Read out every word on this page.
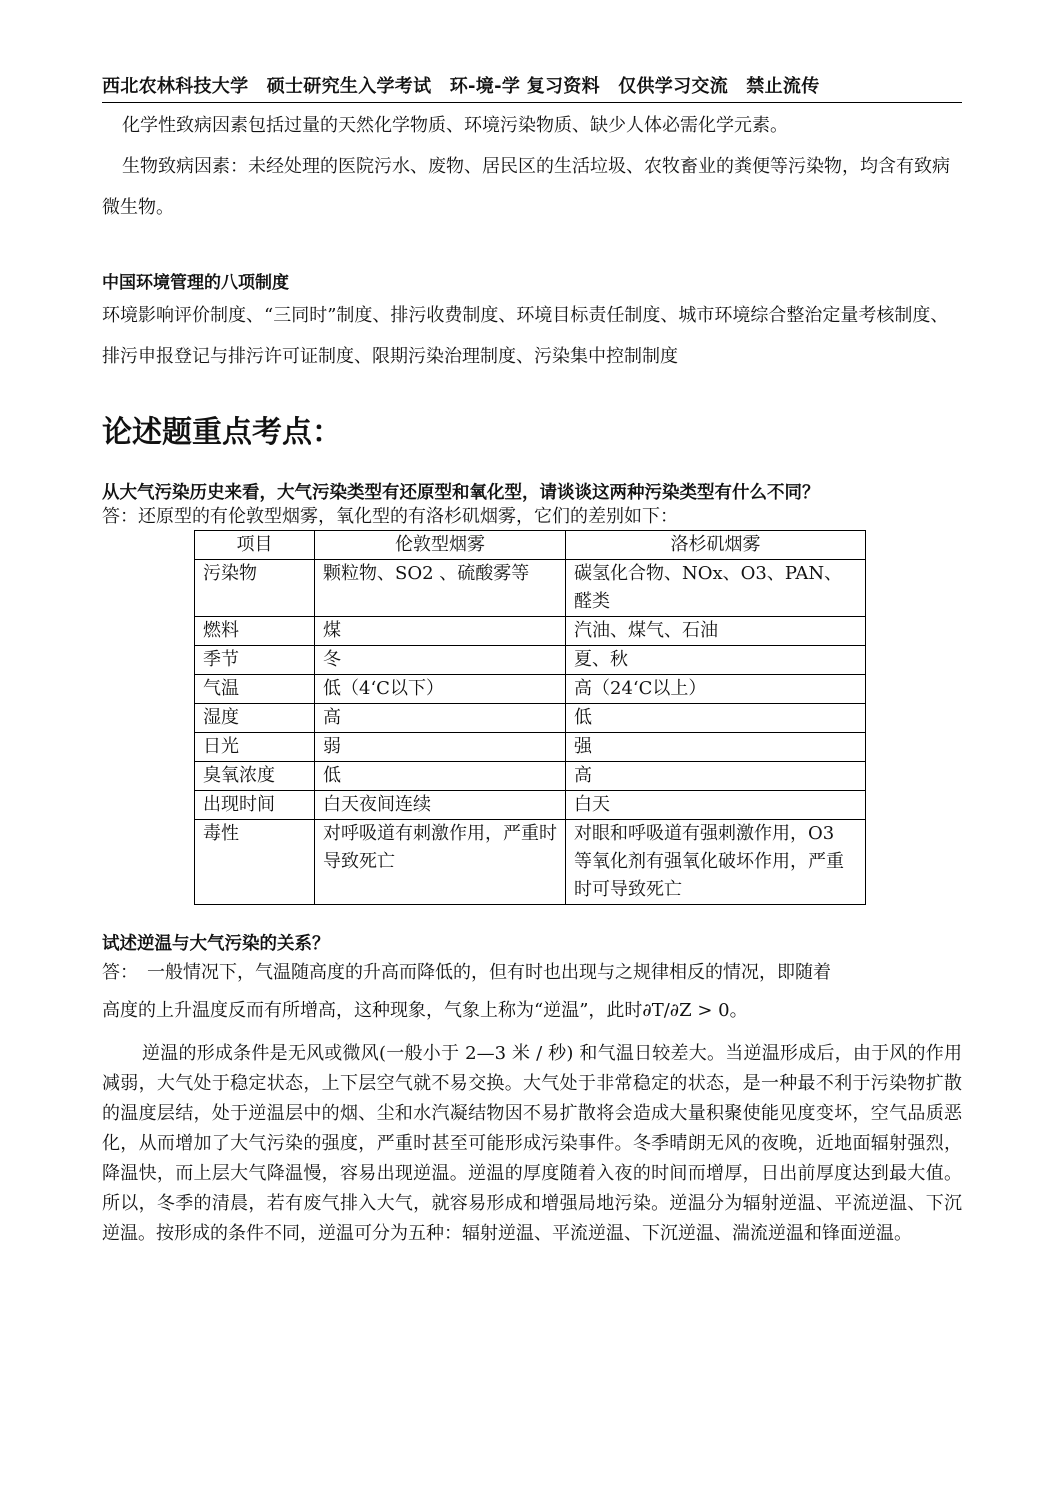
西北农林科技大学　硕士研究生入学考试　环-境-学 复习资料　仅供学习交流　禁止流传

化学性致病因素包括过量的天然化学物质、环境污染物质、缺少人体必需化学元素。

生物致病因素：未经处理的医院污水、废物、居民区的生活垃圾、农牧畜业的粪便等污染物，均含有致病微生物。

中国环境管理的八项制度

环境影响评价制度、“三同时”制度、排污收费制度、环境目标责任制度、城市环境综合整治定量考核制度、排污申报登记与排污许可证制度、限期污染治理制度、污染集中控制制度

论述题重点考点：

从大气污染历史来看，大气污染类型有还原型和氧化型，请谈谈这两种污染类型有什么不同？

答：还原型的有伦敦型烟雾，氧化型的有洛杉矶烟雾，它们的差别如下：

项目	伦敦型烟雾	洛杉矶烟雾
污染物	颗粒物、SO2 、硫酸雾等	碳氢化合物、NOx、O3、PAN、醛类
燃料	煤	汽油、煤气、石油
季节	冬	夏、秋
气温	低（4‘C以下）	高（24‘C以上）
湿度	高	低
日光	弱	强
臭氧浓度	低	高
出现时间	白天夜间连续	白天
毒性	对呼吸道有刺激作用，严重时导致死亡	对眼和呼吸道有强刺激作用，O3 等氧化剂有强氧化破坏作用，严重时可导致死亡

试述逆温与大气污染的关系？

答：　一般情况下，气温随高度的升高而降低的，但有时也出现与之规律相反的情况，即随着

高度的上升温度反而有所增高，这种现象，气象上称为“逆温”，此时∂T/∂Z > 0。

逆温的形成条件是无风或微风(一般小于 2—3 米 / 秒) 和气温日较差大。当逆温形成后，由于风的作用减弱，大气处于稳定状态，上下层空气就不易交换。大气处于非常稳定的状态，是一种最不利于污染物扩散的温度层结，处于逆温层中的烟、尘和水汽凝结物因不易扩散将会造成大量积聚使能见度变坏，空气品质恶化，从而增加了大气污染的强度，严重时甚至可能形成污染事件。冬季晴朗无风的夜晚，近地面辐射强烈，降温快，而上层大气降温慢，容易出现逆温。逆温的厚度随着入夜的时间而增厚，日出前厚度达到最大值。所以，冬季的清晨，若有废气排入大气，就容易形成和增强局地污染。逆温分为辐射逆温、平流逆温、下沉逆温。按形成的条件不同，逆温可分为五种：辐射逆温、平流逆温、下沉逆温、湍流逆温和锋面逆温。
